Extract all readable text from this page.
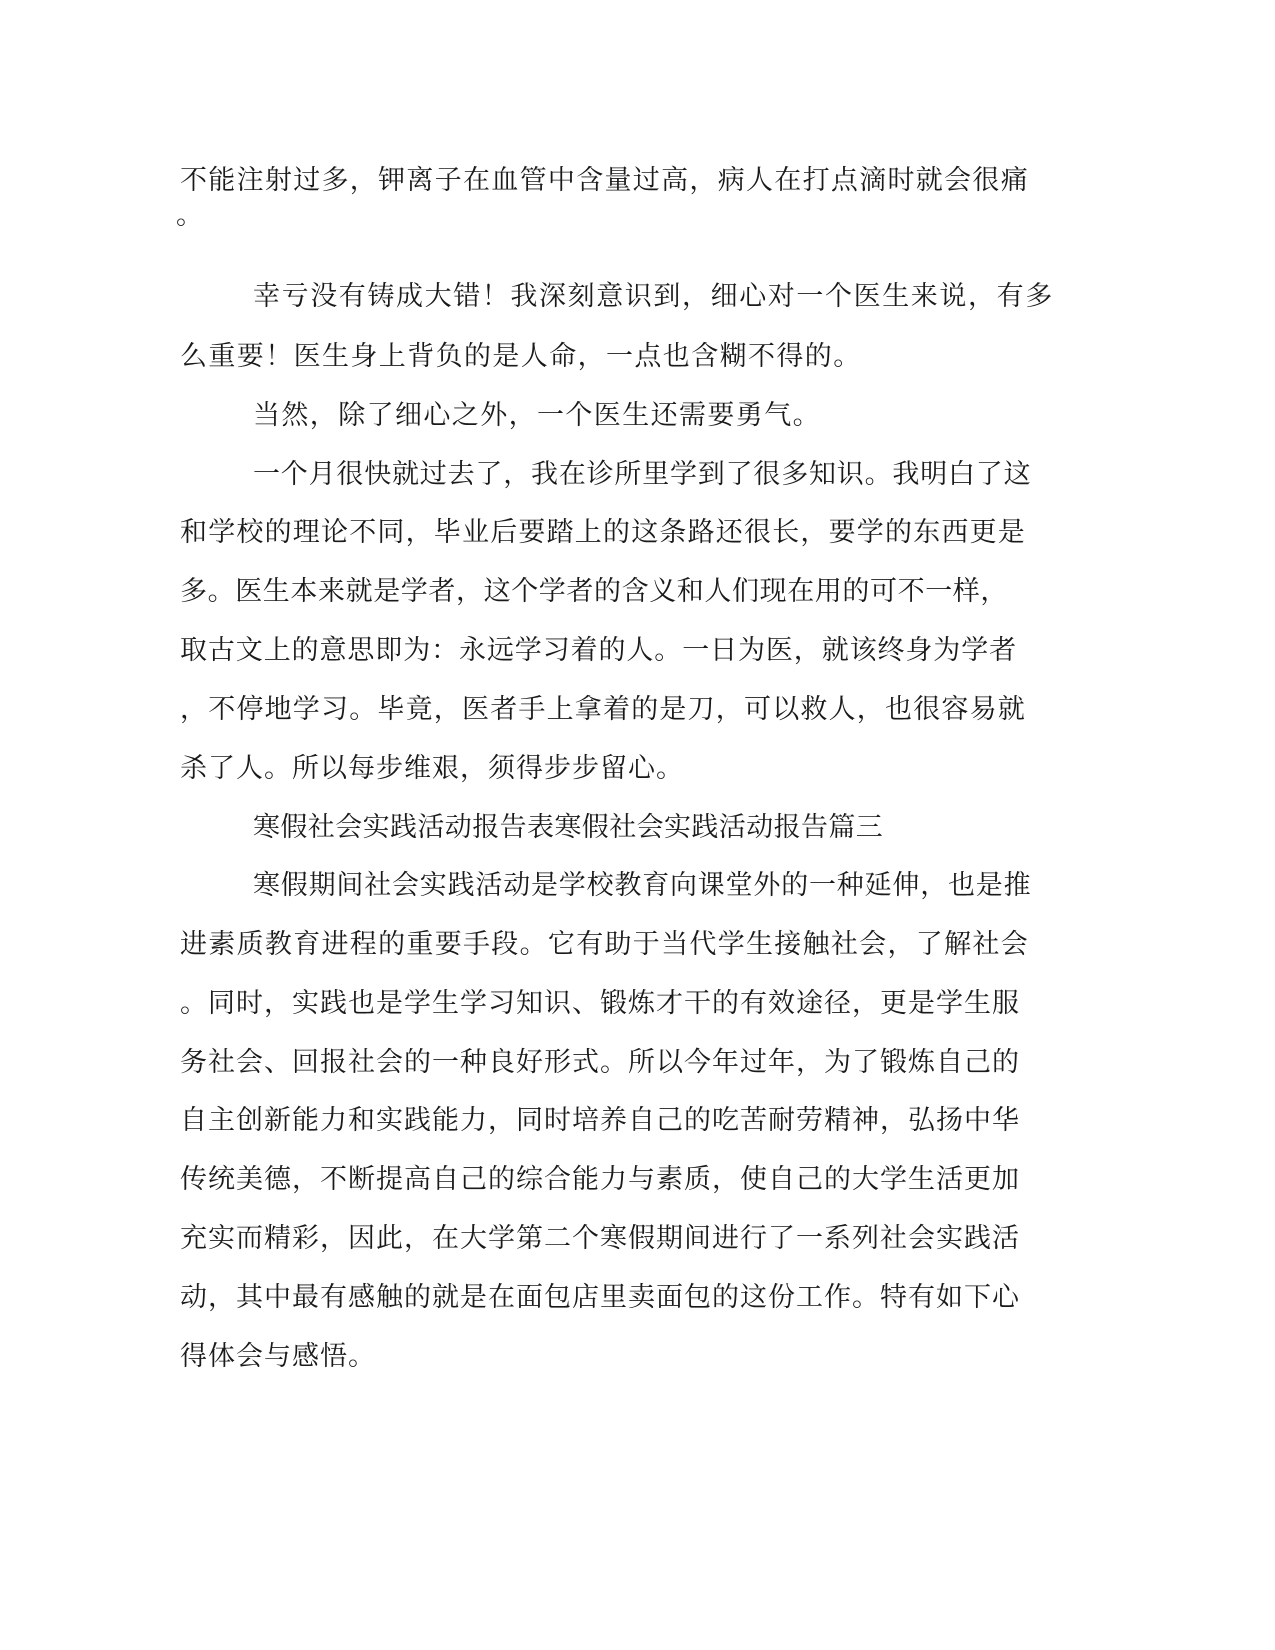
不能注射过多，钾离子在血管中含量过高，病人在打点滴时就会很痛
。
幸亏没有铸成大错！我深刻意识到，细心对一个医生来说，有多
么重要！医生身上背负的是人命，一点也含糊不得的。
当然，除了细心之外，一个医生还需要勇气。
一个月很快就过去了，我在诊所里学到了很多知识。我明白了这
和学校的理论不同，毕业后要踏上的这条路还很长，要学的东西更是
多。医生本来就是学者，这个学者的含义和人们现在用的可不一样，
取古文上的意思即为：永远学习着的人。一日为医，就该终身为学者
，不停地学习。毕竟，医者手上拿着的是刀，可以救人，也很容易就
杀了人。所以每步维艰，须得步步留心。
寒假社会实践活动报告表寒假社会实践活动报告篇三
寒假期间社会实践活动是学校教育向课堂外的一种延伸，也是推
进素质教育进程的重要手段。它有助于当代学生接触社会，了解社会
。同时，实践也是学生学习知识、锻炼才干的有效途径，更是学生服
务社会、回报社会的一种良好形式。所以今年过年，为了锻炼自己的
自主创新能力和实践能力，同时培养自己的吃苦耐劳精神，弘扬中华
传统美德，不断提高自己的综合能力与素质，使自己的大学生活更加
充实而精彩，因此，在大学第二个寒假期间进行了一系列社会实践活
动，其中最有感触的就是在面包店里卖面包的这份工作。特有如下心
得体会与感悟。
